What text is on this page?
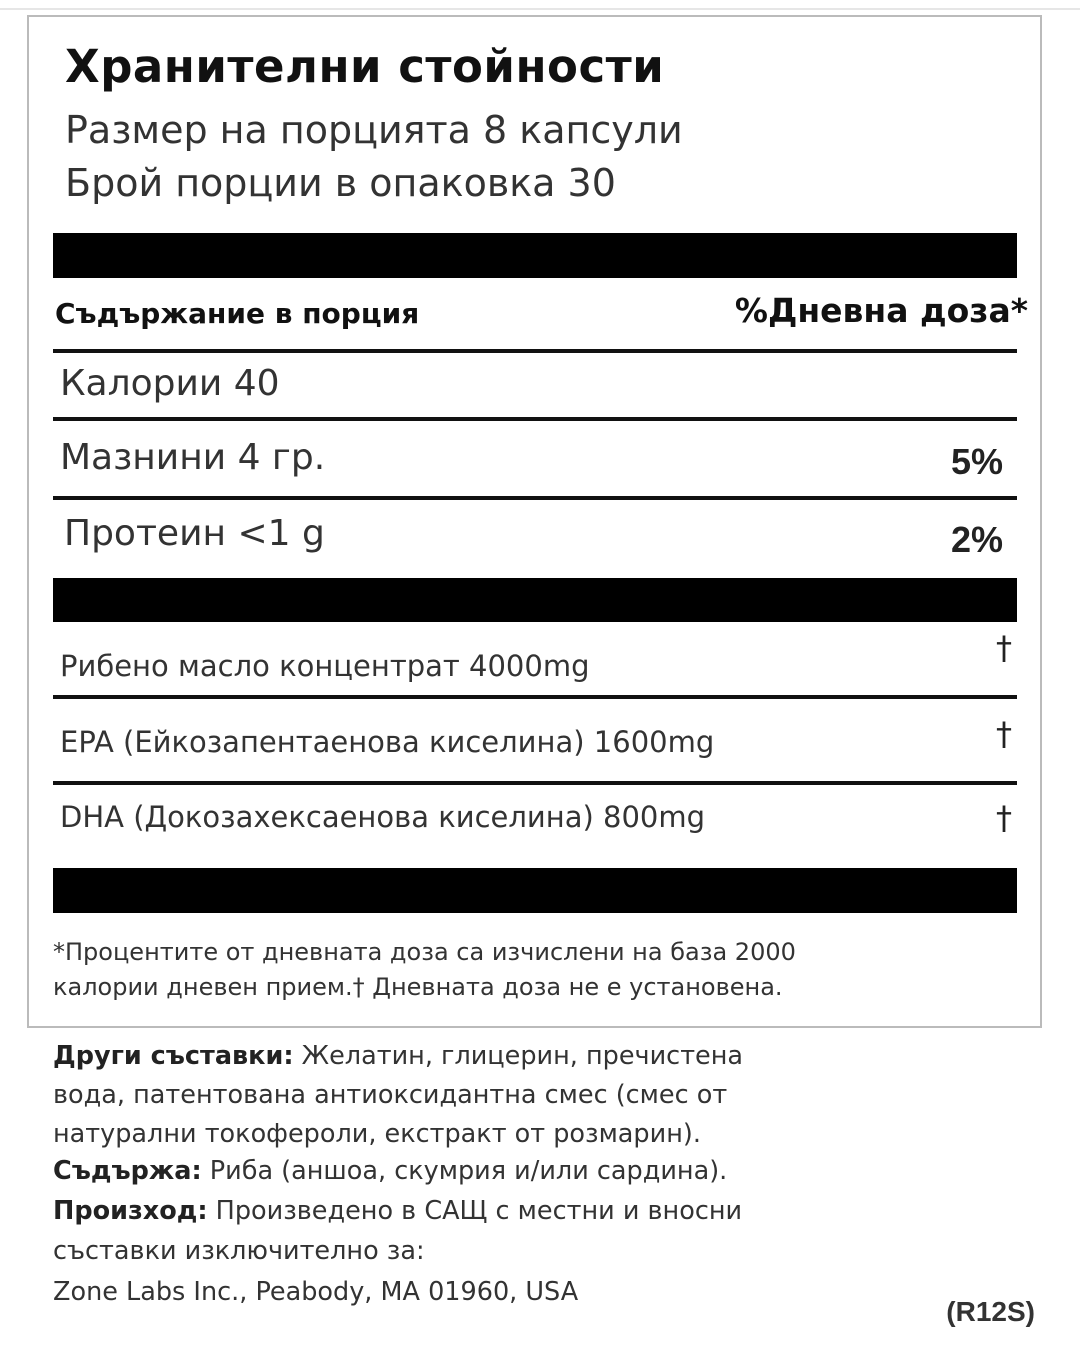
Хранителни стойности
Размер на порцията 8 капсули
Брой порции в опаковка 30
Съдържание в порция	%Дневна доза*
Калории 40
Мазнини 4 гр.	5%
Протеин <1 g	2%
Рибено масло концентрат 4000mg	†
EPA (Ейкозапентаенова киселина) 1600mg	†
DHA (Докозахексаенова киселина) 800mg	†
*Процентите от дневната доза са изчислени на база 2000
калории дневен прием.† Дневната доза не е установена.
Други съставки: Желатин, глицерин, пречистена
вода, патентована антиоксидантна смес (смес от
натурални токофероли, екстракт от розмарин).
Съдържа: Риба (аншоа, скумрия и/или сардина).
Произход: Произведено в САЩ с местни и вносни
съставки изключително за:
Zone Labs Inc., Peabody, MA 01960, USA
(R12S)
